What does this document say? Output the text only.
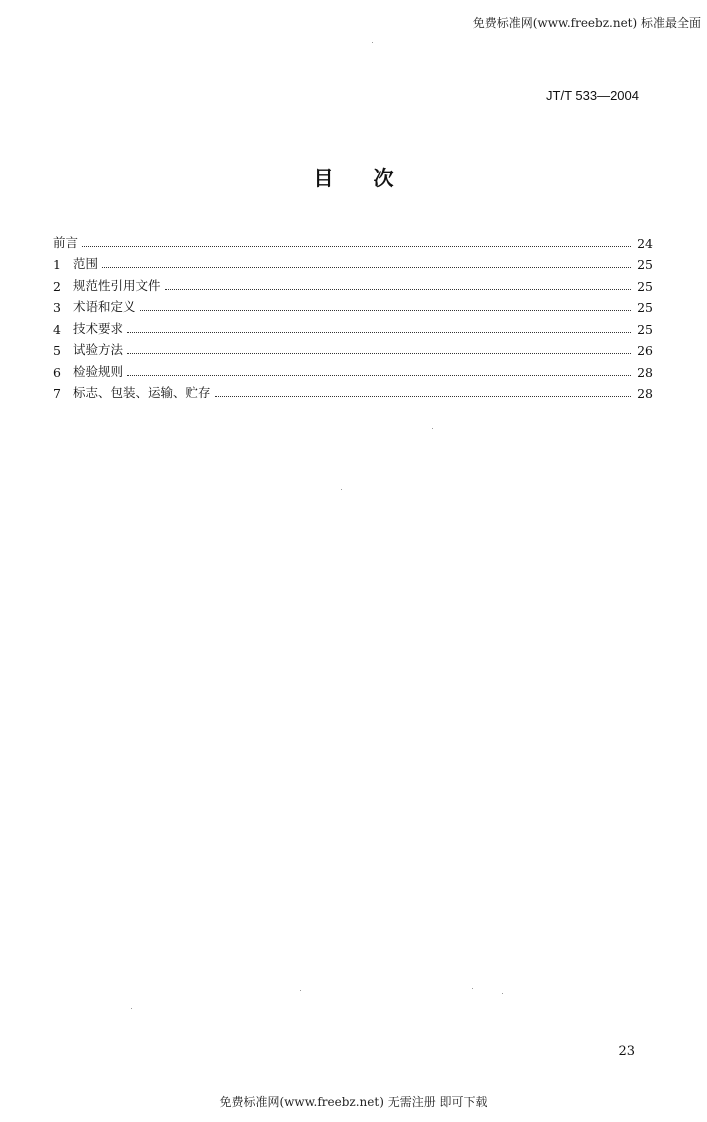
免费标准网(www.freebz.net) 标准最全面
JT/T 533—2004
目次
前言	24
1 范围	25
2 规范性引用文件	25
3 术语和定义	25
4 技术要求	25
5 试验方法	26
6 检验规则	28
7 标志、包装、运输、贮存	28
23
免费标准网(www.freebz.net) 无需注册 即可下载
